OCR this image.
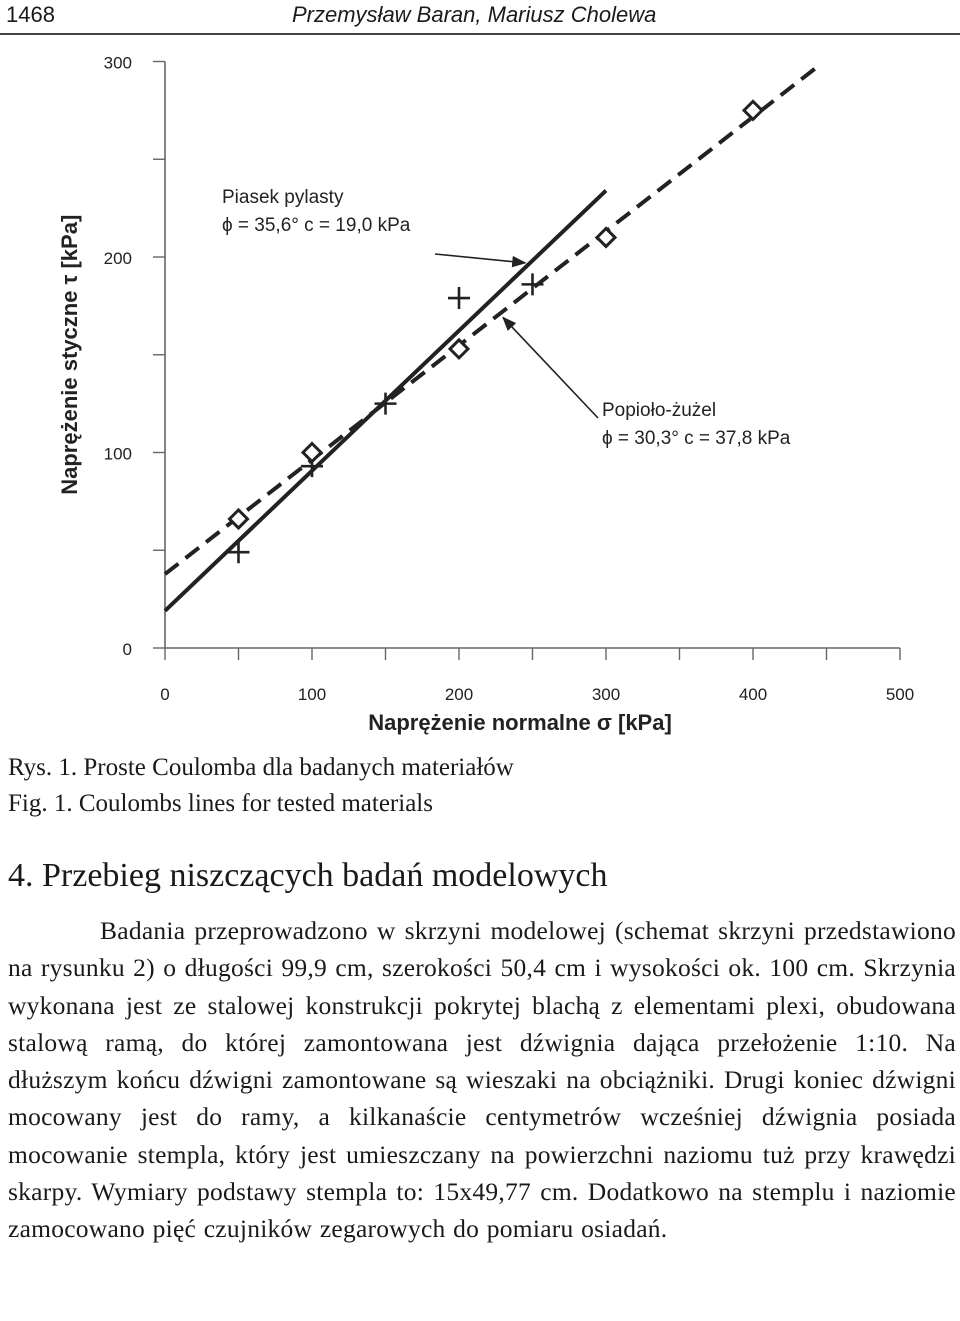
1468	Przemysław Baran, Mariusz Cholewa
0
100
200
300
0	100	200	300	400	500
Naprężenie normalne σ [kPa]
Naprężenie styczne τ [kPa]
Piasek pylasty
ϕ = 35,6° c = 19,0 kPa
Popioło-żużel
ϕ = 30,3° c = 37,8 kPa
Rys. 1. Proste Coulomba dla badanych materiałów
Fig. 1. Coulombs lines for tested materials
4. Przebieg niszczących badań modelowych

Badania przeprowadzono w skrzyni modelowej (schemat skrzyni przedstawiono na rysunku 2) o długości 99,9 cm, szerokości 50,4 cm i wysokości ok. 100 cm. Skrzynia wykonana jest ze stalowej konstrukcji pokrytej blachą z elementami plexi, obudowana stalową ramą, do której zamontowana jest dźwignia dająca przełożenie 1:10. Na dłuższym końcu dźwigni zamontowane są wieszaki na obciążniki. Drugi koniec dźwigni mocowany jest do ramy, a kilkanaście centymetrów wcześniej dźwignia posiada mocowanie stempla, który jest umieszczany na powierzchni naziomu tuż przy krawędzi skarpy. Wymiary podstawy stempla to: 15x49,77 cm. Dodatkowo na stemplu i naziomie zamocowano pięć czujników zegarowych do pomiaru osiadań.
